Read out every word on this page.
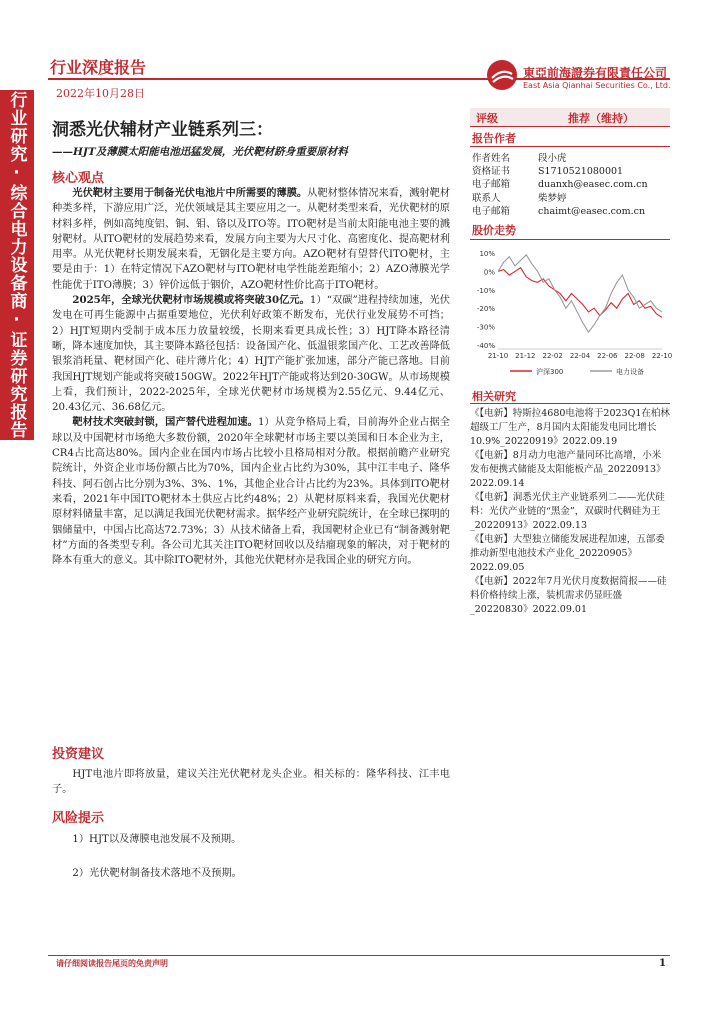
行业研究·综合电力设备商·证券研究报告
行业深度报告
2022年10月28日
東亞前海證券有限責任公司
East Asia Qianhai Securities Co., Ltd.
洞悉光伏辅材产业链系列三：
——HJT及薄膜太阳能电池迅猛发展，光伏靶材跻身重要原材料
核心观点

光伏靶材主要用于制备光伏电池片中所需要的薄膜。从靶材整体情况来看，溅射靶材种类多样，下游应用广泛，光伏领域是其主要应用之一。从靶材类型来看，光伏靶材的原材料多样，例如高纯度铝、铜、钼、铬以及ITO等。ITO靶材是当前太阳能电池主要的溅射靶材。从ITO靶材的发展趋势来看，发展方向主要为大尺寸化、高密度化、提高靶材利用率。从光伏靶材长期发展来看，无铟化是主要方向。AZO靶材有望替代ITO靶材，主要是由于：1）在特定情况下AZO靶材与ITO靶材电学性能差距缩小；2）AZO薄膜光学性能优于ITO薄膜；3）锌价远低于铟价，AZO靶材性价比高于ITO靶材。

2025年，全球光伏靶材市场规模或将突破30亿元。1）“双碳”进程持续加速，光伏发电在可再生能源中占据重要地位，光伏利好政策不断发布，光伏行业发展势不可挡；2）HJT短期内受制于成本压力放量较缓，长期来看更具成长性；3）HJT降本路径清晰，降本速度加快，其主要降本路径包括：设备国产化、低温银浆国产化、工艺改善降低银浆消耗量、靶材国产化、硅片薄片化；4）HJT产能扩张加速，部分产能已落地。目前我国HJT规划产能或将突破150GW。2022年HJT产能或将达到20-30GW。从市场规模上看，我们预计，2022-2025年，全球光伏靶材市场规模为2.55亿元、9.44亿元、20.43亿元、36.68亿元。

靶材技术突破封锁，国产替代进程加速。1）从竞争格局上看，目前海外企业占据全球以及中国靶材市场绝大多数份额，2020年全球靶材市场主要以美国和日本企业为主，CR4占比高达80%。国内企业在国内市场占比较小且格局相对分散。根据前瞻产业研究院统计，外资企业市场份额占比为70%，国内企业占比约为30%，其中江丰电子、隆华科技、阿石创占比分别为3%、3%、1%，其他企业合计占比约为23%。具体到ITO靶材来看，2021年中国ITO靶材本土供应占比约48%；2）从靶材原料来看，我国光伏靶材原材料储量丰富，足以满足我国光伏靶材需求。据华经产业研究院统计，在全球已探明的铟储量中，中国占比高达72.73%；3）从技术储备上看，我国靶材企业已有“制备溅射靶材”方面的各类型专利。各公司尤其关注ITO靶材回收以及结瘤现象的解决，对于靶材的降本有重大的意义。其中除ITO靶材外，其他光伏靶材亦是我国企业的研究方向。

投资建议

HJT电池片即将放量，建议关注光伏靶材龙头企业。相关标的：隆华科技、江丰电子。

风险提示

1）HJT以及薄膜电池发展不及预期。

2）光伏靶材制备技术落地不及预期。

评级	推荐（维持）
报告作者
作者姓名	段小虎
资格证书	S1710521080001
电子邮箱	duanxh@easec.com.cn
联系人	柴梦婷
电子邮箱	chaimt@easec.com.cn
股价走势
10%
0%
-10%
-20%
-30%
-40%
21-10 21-12 22-02 22-04 22-06 22-08 22-10
沪深300	电力设备
相关研究

《【电新】特斯拉4680电池将于2023Q1在柏林超级工厂生产，8月国内太阳能发电同比增长10.9%_20220919》2022.09.19

《【电新】8月动力电池产量同环比高增，小米发布便携式储能及太阳能板产品_20220913》2022.09.14

《【电新】洞悉光伏主产业链系列二——光伏硅料：光伏产业链的“黑金”，双碳时代稠硅为王_20220913》2022.09.13

《【电新】大型独立储能发展进程加速，五部委推动新型电池技术产业化_20220905》2022.09.05

《【电新】2022年7月光伏月度数据简报——硅料价格持续上涨，装机需求仍显旺盛_20220830》2022.09.01

请仔细阅读报告尾页的免责声明	1
